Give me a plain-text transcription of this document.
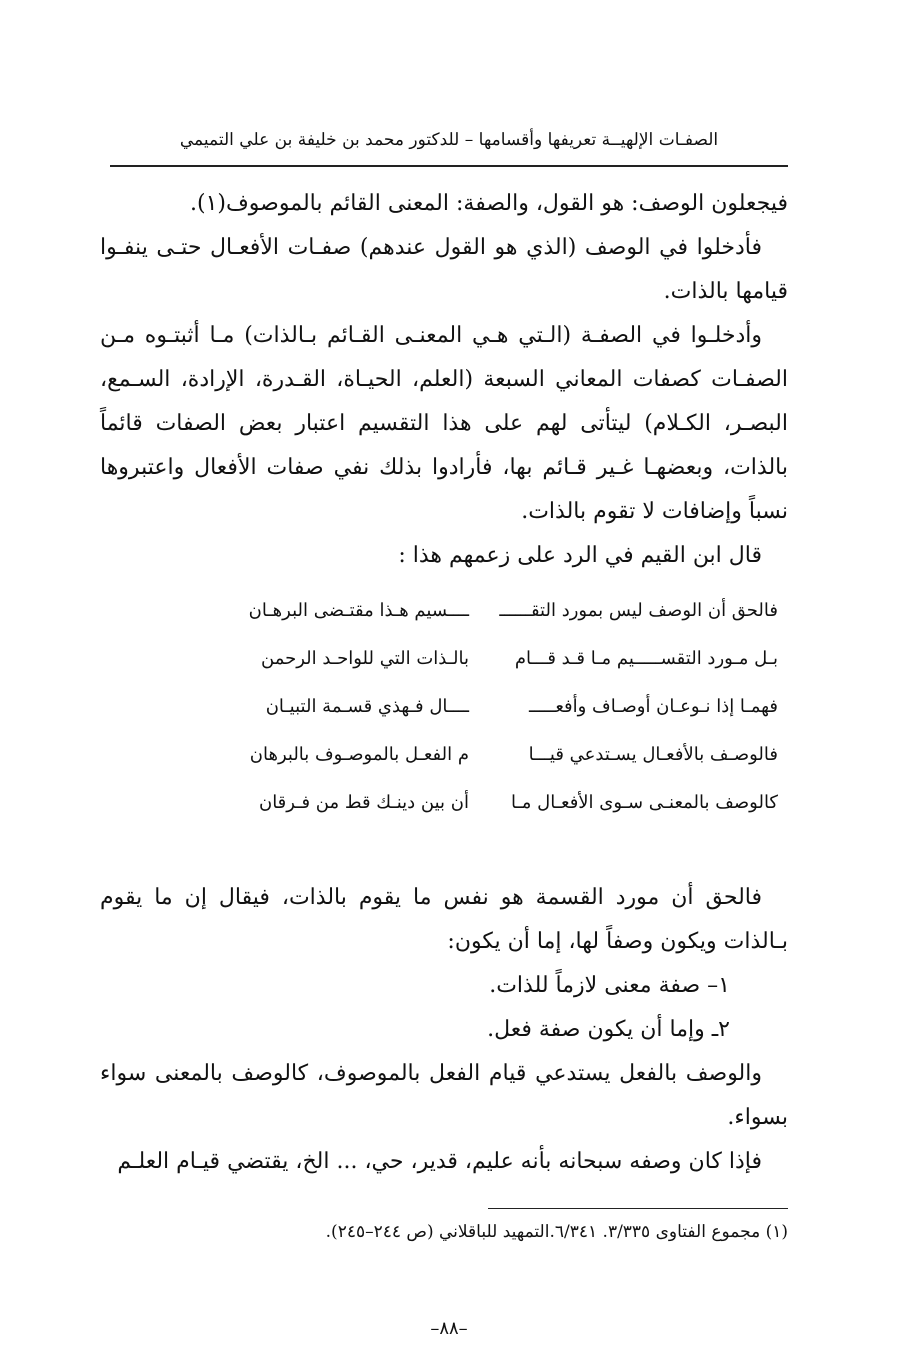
الصفـات الإلهيــة تعريفها وأقسامها – للدكتور محمد بن خليفة بن علي التميمي

فيجعلون الوصف: هو القول، والصفة: المعنى القائم بالموصوف(١).

فأدخلوا في الوصف (الذي هو القول عندهم) صفـات الأفعـال حتـى ينفـوا قيامها بالذات.

وأدخلـوا في الصفـة (الـتي هـي المعنـى القـائم بـالذات) مـا أثبتـوه مـن الصفـات كصفات المعاني السبعة (العلم، الحيـاة، القـدرة، الإرادة، السـمع، البصـر، الكـلام) ليتأتى لهم على هذا التقسيم اعتبار بعض الصفات قائماً بالذات، وبعضهـا غـير قـائم بها، فأرادوا بذلك نفي صفات الأفعال واعتبروها نسباً وإضافات لا تقوم بالذات.

قال ابن القيم في الرد على زعمهم هذا :

فالحق أن الوصف ليس بمورد التقــــــ
ــــسيم هـذا مقتـضى البرهـان
بـل مـورد التقســـــيم مـا قـد قـــام
بالـذات التي للواحـد الرحمن
فهمـا إذا نـوعـان أوصـاف وأفعـــــ
ــــال فـهذي قسـمة التبيـان
فالوصـف بالأفعـال يسـتدعي قيـــا
م الفعـل بالموصـوف بالبرهان
كالوصف بالمعنـى سـوى الأفعـال مـا
أن بين دينـك قط من فـرقان

فالحق أن مورد القسمة هو نفس ما يقوم بالذات، فيقال إن ما يقوم بـالذات ويكون وصفاً لها، إما أن يكون:

١– صفة معنى لازماً للذات.

٢ـ وإما أن يكون صفة فعل.

والوصف بالفعل يستدعي قيام الفعل بالموصوف، كالوصف بالمعنى سواء بسواء.

فإذا كان وصفه سبحانه بأنه عليم، قدير، حي، ... الخ، يقتضي قيـام العلـم

(١) مجموع الفتاوى ٣/٣٣٥. ٦/٣٤١.التمهيد للباقلاني (ص ٢٤٤–٢٤٥).
–٨٨–
